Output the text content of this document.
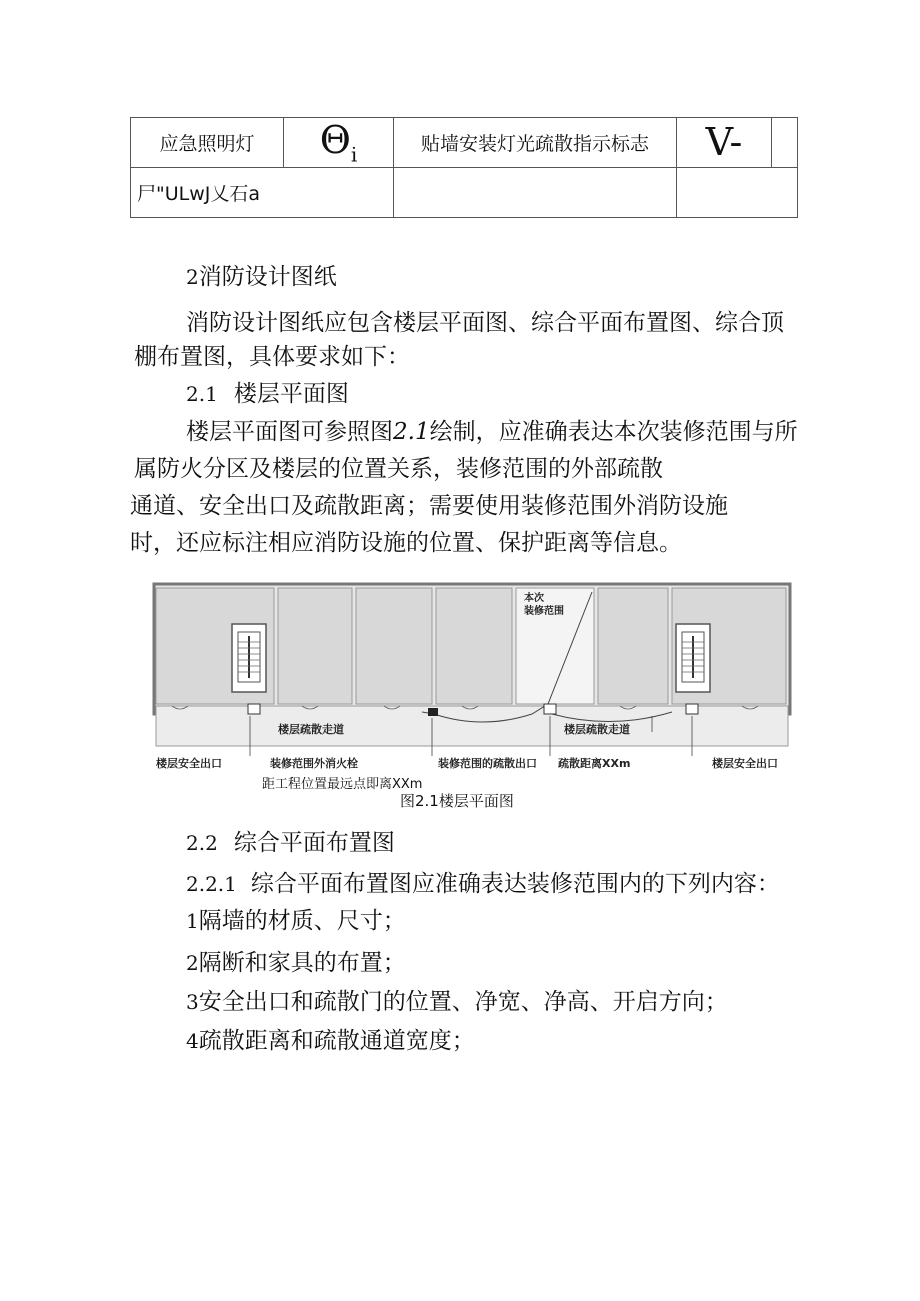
应急照明灯	$\Theta_i$	贴墙安装灯光疏散指示标志	V-	
尸"ULwJ乂石a				
2消防设计图纸
消防设计图纸应包含楼层平面图、综合平面布置图、综合顶
棚布置图，具体要求如下：
2.1 楼层平面图
楼层平面图可参照图2.1绘制，应准确表达本次装修范围与所
属防火分区及楼层的位置关系，装修范围的外部疏散
通道、安全出口及疏散距离；需要使用装修范围外消防设施
时，还应标注相应消防设施的位置、保护距离等信息。
本次
装修范围
楼层疏散走道	楼层疏散走道
楼层安全出口	装修范围外消火栓	装修范围的疏散出口 疏散距离XXm	楼层安全出口
距工程位置最远点即离XXm
图2.1楼层平面图
2.2 综合平面布置图
2.2.1 综合平面布置图应准确表达装修范围内的下列内容：
1隔墙的材质、尺寸；
2隔断和家具的布置；
3安全出口和疏散门的位置、净宽、净高、开启方向；
4疏散距离和疏散通道宽度；
